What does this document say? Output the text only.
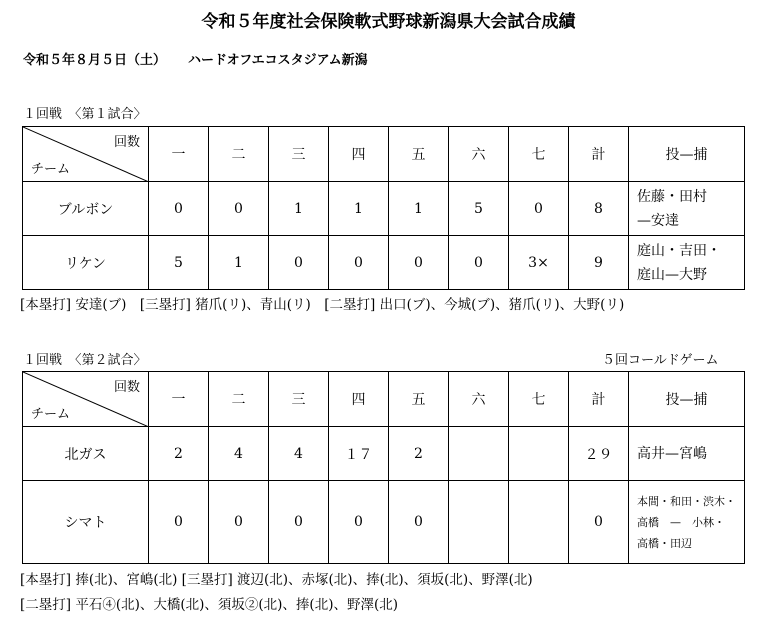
令和５年度社会保険軟式野球新潟県大会試合成績
令和５年８月５日（土） ハードオフエコスタジアム新潟
１回戦　〈第１試合〉
回数
チーム	一	二	三	四	五	六	七	計	投—捕
ブルボン	0	0	1	1	1	5	0	8	佐藤・田村
—安達

リケン	5	1	0	0	0	0	3×	9	庭山・吉田・
庭山—大野
[本塁打] 安達(ブ)　[三塁打] 猪爪(リ)、青山(リ)　[二塁打] 出口(ブ)、今城(ブ)、猪爪(リ)、大野(リ)
１回戦　〈第２試合〉	５回コールドゲーム
回数
チーム	一	二	三	四	五	六	七	計	投—捕
北ガス	2	4	4	１７	2			２９	高井—宮嶋

シマト	0	0	0	0	0			0	本間・和田・渋木・
高橋　—　小林・
高橋・田辺
[本塁打] 捧(北)、宮嶋(北) [三塁打] 渡辺(北)、赤塚(北)、捧(北)、須坂(北)、野澤(北)
[二塁打] 平石④(北)、大橋(北)、須坂②(北)、捧(北)、野澤(北)
